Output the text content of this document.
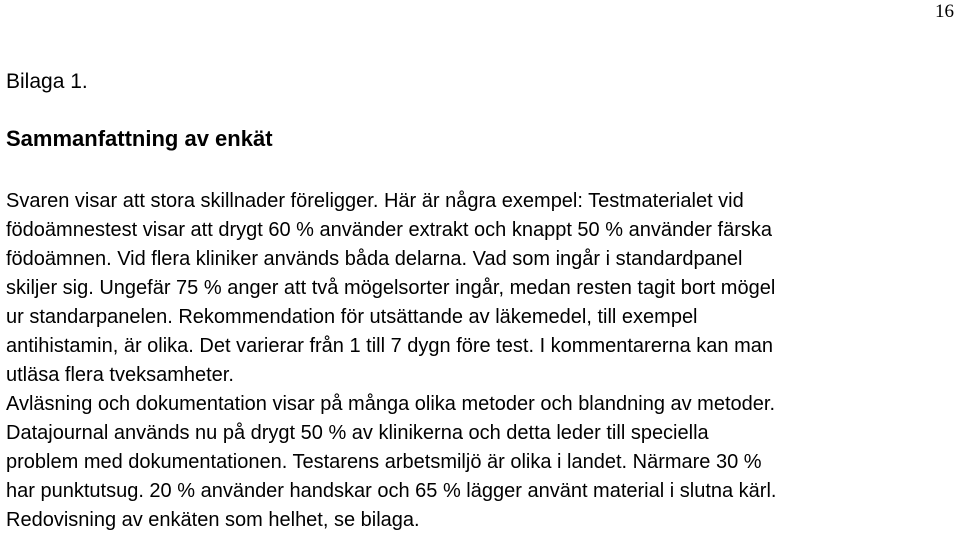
16
Bilaga 1.
Sammanfattning av enkät
Svaren visar att stora skillnader föreligger. Här är några exempel: Testmaterialet vid
födoämnestest visar att drygt 60 % använder extrakt och knappt 50 % använder färska
födoämnen. Vid flera kliniker används båda delarna. Vad som ingår i standardpanel
skiljer sig. Ungefär 75 % anger att två mögelsorter ingår, medan resten tagit bort mögel
ur standarpanelen. Rekommendation för utsättande av läkemedel, till exempel
antihistamin, är olika. Det varierar från 1 till 7 dygn före test. I kommentarerna kan man
utläsa flera tveksamheter.
Avläsning och dokumentation visar på många olika metoder och blandning av metoder.
Datajournal används nu på drygt 50 % av klinikerna och detta leder till speciella
problem med dokumentationen. Testarens arbetsmiljö är olika i landet. Närmare 30 %
har punktutsug. 20 % använder handskar och 65 % lägger använt material i slutna kärl.
Redovisning av enkäten som helhet, se bilaga.
